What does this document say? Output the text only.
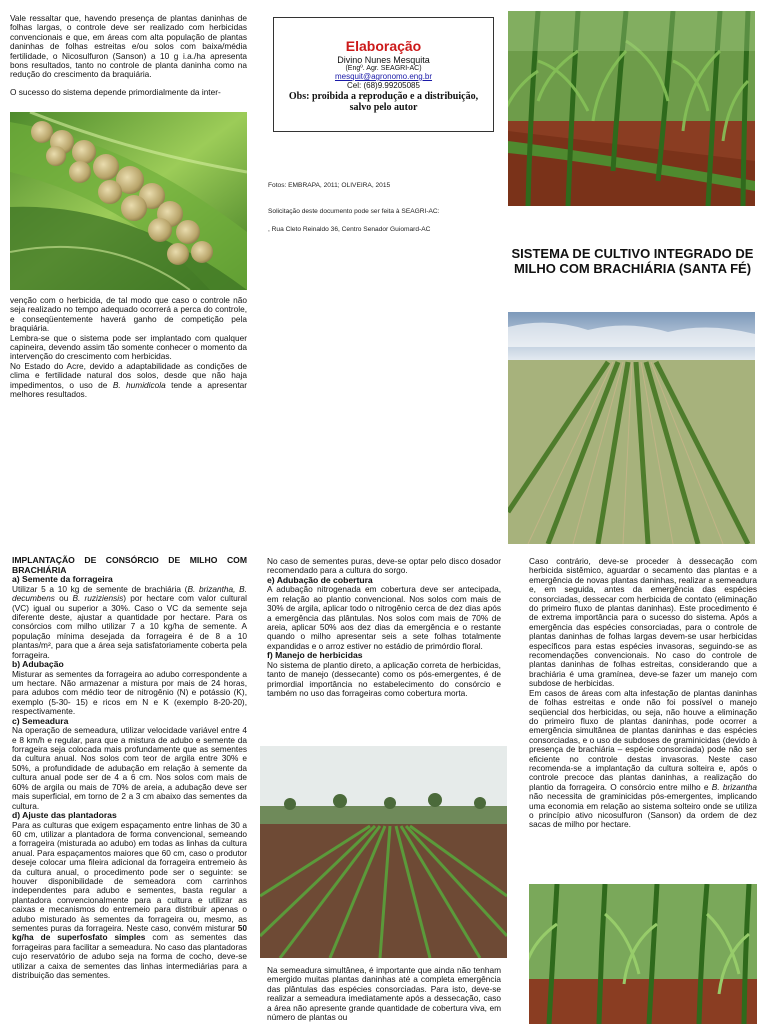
Vale ressaltar que, havendo presença de plantas daninhas de folhas largas, o controle deve ser realizado com herbicidas convencionais e que, em áreas com alta população de plantas daninhas de folhas estreitas e/ou solos com baixa/média fertilidade, o Nicosulfuron (Sanson) a 10 g i.a./ha apresenta bons resultados, tanto no controle de planta daninha como na redução do crescimento da braquiária.

O sucesso do sistema depende primordialmente da inter-

venção com o herbicida, de tal modo que caso o controle não seja realizado no tempo adequado ocorrerá a perca do controle, e conseqüentemente haverá ganho de competição pela braquiária.

Lembra-se que o sistema pode ser implantado com qualquer capineira, devendo assim tão somente conhecer o momento da intervenção do crescimento com herbicidas.

No Estado do Acre, devido a adaptabilidade as condições de clima e fertilidade natural dos solos, desde que não haja impedimentos, o uso de B. humidicola tende a apresentar melhores resultados.

Elaboração
Divino Nunes Mesquita
(Engº. Agr. SEAGRI-AC)
mesquit@agronomo.eng.br
Cel: (68)9.99205085
Obs: proibida a reprodução e a distribuição, salvo pelo autor
Fotos: EMBRAPA, 2011; OLIVEIRA, 2015
Solicitação deste documento pode ser feita à SEAGRI-AC:
, Rua Cleto Reinaldo 36, Centro Senador Guiomard-AC
SISTEMA DE CULTIVO INTEGRADO DE MILHO COM BRACHIÁRIA (SANTA FÉ)
IMPLANTAÇÃO DE CONSÓRCIO DE MILHO COM BRACHIÁRIA
a) Semente da forrageira

Utilizar 5 a 10 kg de semente de brachiária (B. brizantha, B. decumbens ou B. ruziziensis) por hectare com valor cultural (VC) igual ou superior a 30%. Caso o VC da semente seja diferente deste, ajustar a quantidade por hectare. Para os consórcios com milho utilizar 7 a 10 kg/ha de semente. A população mínima desejada da forrageira é de 8 a 10 plantas/m², para que a área seja satisfatoriamente coberta pela forrageira.

b) Adubação

Misturar as sementes da forrageira ao adubo correspondente a um hectare. Não armazenar a mistura por mais de 24 horas, para adubos com médio teor de nitrogênio (N) e potássio (K), exemplo (5-30- 15) e ricos em N e K (exemplo 8-20-20), respectivamente.

c) Semeadura

Na operação de semeadura, utilizar velocidade variável entre 4 e 8 km/h e regular, para que a mistura de adubo e semente da forrageira seja colocada mais profundamente que as sementes da cultura anual. Nos solos com teor de argila entre 30% e 50%, a profundidade de adubação em relação à semente da cultura anual pode ser de 4 a 6 cm. Nos solos com mais de 60% de argila ou mais de 70% de areia, a adubação deve ser mais superficial, em torno de 2 a 3 cm abaixo das sementes da cultura.

d) Ajuste das plantadoras

Para as culturas que exigem espaçamento entre linhas de 30 a 60 cm, utilizar a plantadora de forma convencional, semeando a forrageira (misturada ao adubo) em todas as linhas da cultura anual. Para espaçamentos maiores que 60 cm, caso o produtor deseje colocar uma fileira adicional da forrageira entremeio às da cultura anual, o procedimento pode ser o seguinte: se houver disponibilidade de semeadora com carrinhos independentes para adubo e sementes, basta regular a plantadora convencionalmente para a cultura e utilizar as caixas e mecanismos do entremeio para distribuir apenas o adubo misturado às sementes da forrageira ou, mesmo, as sementes puras da forrageira. Neste caso, convém misturar 50 kg/ha de superfosfato simples com as sementes das forrageiras para facilitar a semeadura. No caso das plantadoras cujo reservatório de adubo seja na forma de cocho, deve-se utilizar a caixa de sementes das linhas intermediárias para a distribuição das sementes.

No caso de sementes puras, deve-se optar pelo disco dosador recomendado para a cultura do sorgo.

e) Adubação de cobertura

A adubação nitrogenada em cobertura deve ser antecipada, em relação ao plantio convencional. Nos solos com mais de 30% de argila, aplicar todo o nitrogênio cerca de dez dias após a emergência das plântulas. Nos solos com mais de 70% de areia, aplicar 50% aos dez dias da emergência e o restante quando o milho apresentar seis a sete folhas totalmente expandidas e o arroz estiver no estádio de primórdio floral.

f) Manejo de herbicidas

No sistema de plantio direto, a aplicação correta de herbicidas, tanto de manejo (dessecante) como os pós-emergentes, é de primordial importância no estabelecimento do consórcio e também no uso das forrageiras como cobertura morta.

Na semeadura simultânea, é importante que ainda não tenham emergido muitas plantas daninhas até a completa emergência das plântulas das espécies consorciadas. Para isto, deve-se realizar a semeadura imediatamente após a dessecação, caso a área não apresente grande quantidade de cobertura viva, em número de plantas ou

Caso contrário, deve-se proceder à dessecação com herbicida sistêmico, aguardar o secamento das plantas e a emergência de novas plantas daninhas, realizar a semeadura e, em seguida, antes da emergência das espécies consorciadas, dessecar com herbicida de contato (eliminação do primeiro fluxo de plantas daninhas). Este procedimento é de extrema importância para o sucesso do sistema. Após a emergência das espécies consorciadas, para o controle de plantas daninhas de folhas largas devem-se usar herbicidas específicos para estas espécies invasoras, seguindo-se as recomendações convencionais. No caso do controle de plantas daninhas de folhas estreitas, considerando que a brachiária é uma gramínea, deve-se fazer um manejo com subdose de herbicidas.

Em casos de áreas com alta infestação de plantas daninhas de folhas estreitas e onde não foi possível o manejo seqüencial dos herbicidas, ou seja, não houve a eliminação do primeiro fluxo de plantas daninhas, pode ocorrer a emergência simultânea de plantas daninhas e das espécies consorciadas, e o uso de subdoses de graminicidas (devido à presença de brachiária – espécie consorciada) pode não ser eficiente no controle destas invasoras. Neste caso recomenda-se a implantação da cultura solteira e, após o controle precoce das plantas daninhas, a realização do plantio da forrageira. O consórcio entre milho e B. brizantha não necessita de graminicidas pós-emergentes, implicando uma economia em relação ao sistema solteiro onde se utiliza o princípio ativo nicosulfuron (Sanson) da ordem de dez sacas de milho por hectare.
